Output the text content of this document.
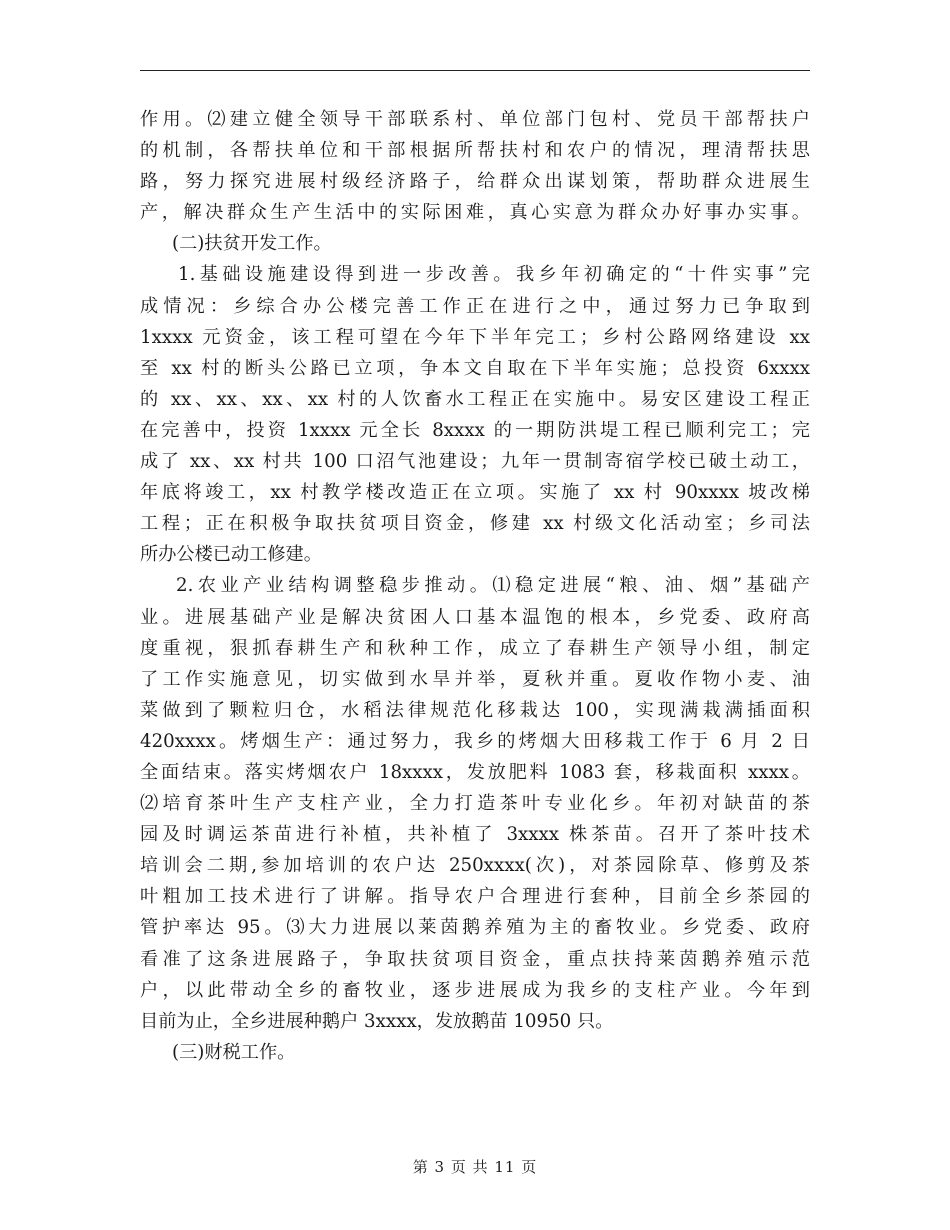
作用。⑵建立健全领导干部联系村、单位部门包村、党员干部帮扶户
的机制，各帮扶单位和干部根据所帮扶村和农户的情况，理清帮扶思
路，努力探究进展村级经济路子，给群众出谋划策，帮助群众进展生
产，解决群众生产生活中的实际困难，真心实意为群众办好事办实事。
(二)扶贫开发工作。
1.基础设施建设得到进一步改善。我乡年初确定的“十件实事”完
成情况：乡综合办公楼完善工作正在进行之中，通过努力已争取到
1xxxx 元资金，该工程可望在今年下半年完工；乡村公路网络建设 xx
至 xx 村的断头公路已立项，争本文自取在下半年实施；总投资 6xxxx
的 xx、xx、xx、xx 村的人饮畜水工程正在实施中。易安区建设工程正
在完善中，投资 1xxxx 元全长 8xxxx 的一期防洪堤工程已顺利完工；完
成了 xx、xx 村共 100 口沼气池建设；九年一贯制寄宿学校已破土动工，
年底将竣工，xx 村教学楼改造正在立项。实施了 xx 村 90xxxx 坡改梯
工程；正在积极争取扶贫项目资金，修建 xx 村级文化活动室；乡司法
所办公楼已动工修建。
2.农业产业结构调整稳步推动。⑴稳定进展“粮、油、烟”基础产
业。进展基础产业是解决贫困人口基本温饱的根本，乡党委、政府高
度重视，狠抓春耕生产和秋种工作，成立了春耕生产领导小组，制定
了工作实施意见，切实做到水旱并举，夏秋并重。夏收作物小麦、油
菜做到了颗粒归仓，水稻法律规范化移栽达 100，实现满栽满插面积
420xxxx。烤烟生产：通过努力，我乡的烤烟大田移栽工作于 6 月 2 日
全面结束。落实烤烟农户 18xxxx，发放肥料 1083 套，移栽面积 xxxx。
⑵培育茶叶生产支柱产业，全力打造茶叶专业化乡。年初对缺苗的茶
园及时调运茶苗进行补植，共补植了 3xxxx 株茶苗。召开了茶叶技术
培训会二期,参加培训的农户达 250xxxx(次)，对茶园除草、修剪及茶
叶粗加工技术进行了讲解。指导农户合理进行套种，目前全乡茶园的
管护率达 95。⑶大力进展以莱茵鹅养殖为主的畜牧业。乡党委、政府
看准了这条进展路子，争取扶贫项目资金，重点扶持莱茵鹅养殖示范
户，以此带动全乡的畜牧业，逐步进展成为我乡的支柱产业。今年到
目前为止，全乡进展种鹅户 3xxxx，发放鹅苗 10950 只。
(三)财税工作。
第 3 页 共 11 页
